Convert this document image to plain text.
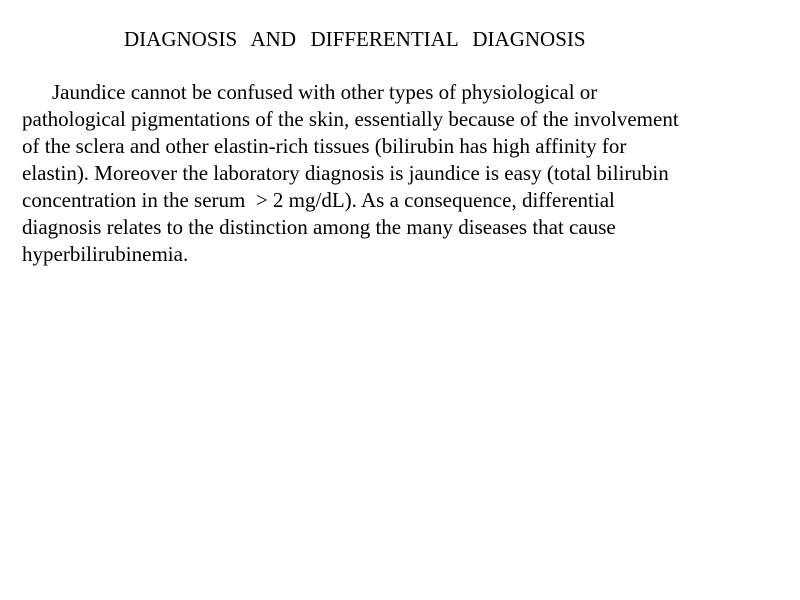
DIAGNOSIS  AND  DIFFERENTIAL  DIAGNOSIS

Jaundice cannot be confused with other types of physiological or
pathological pigmentations of the skin, essentially because of the involvement
of the sclera and other elastin-rich tissues (bilirubin has high affinity for
elastin). Moreover the laboratory diagnosis is jaundice is easy (total bilirubin
concentration in the serum  > 2 mg/dL). As a consequence, differential
diagnosis relates to the distinction among the many diseases that cause
hyperbilirubinemia.
